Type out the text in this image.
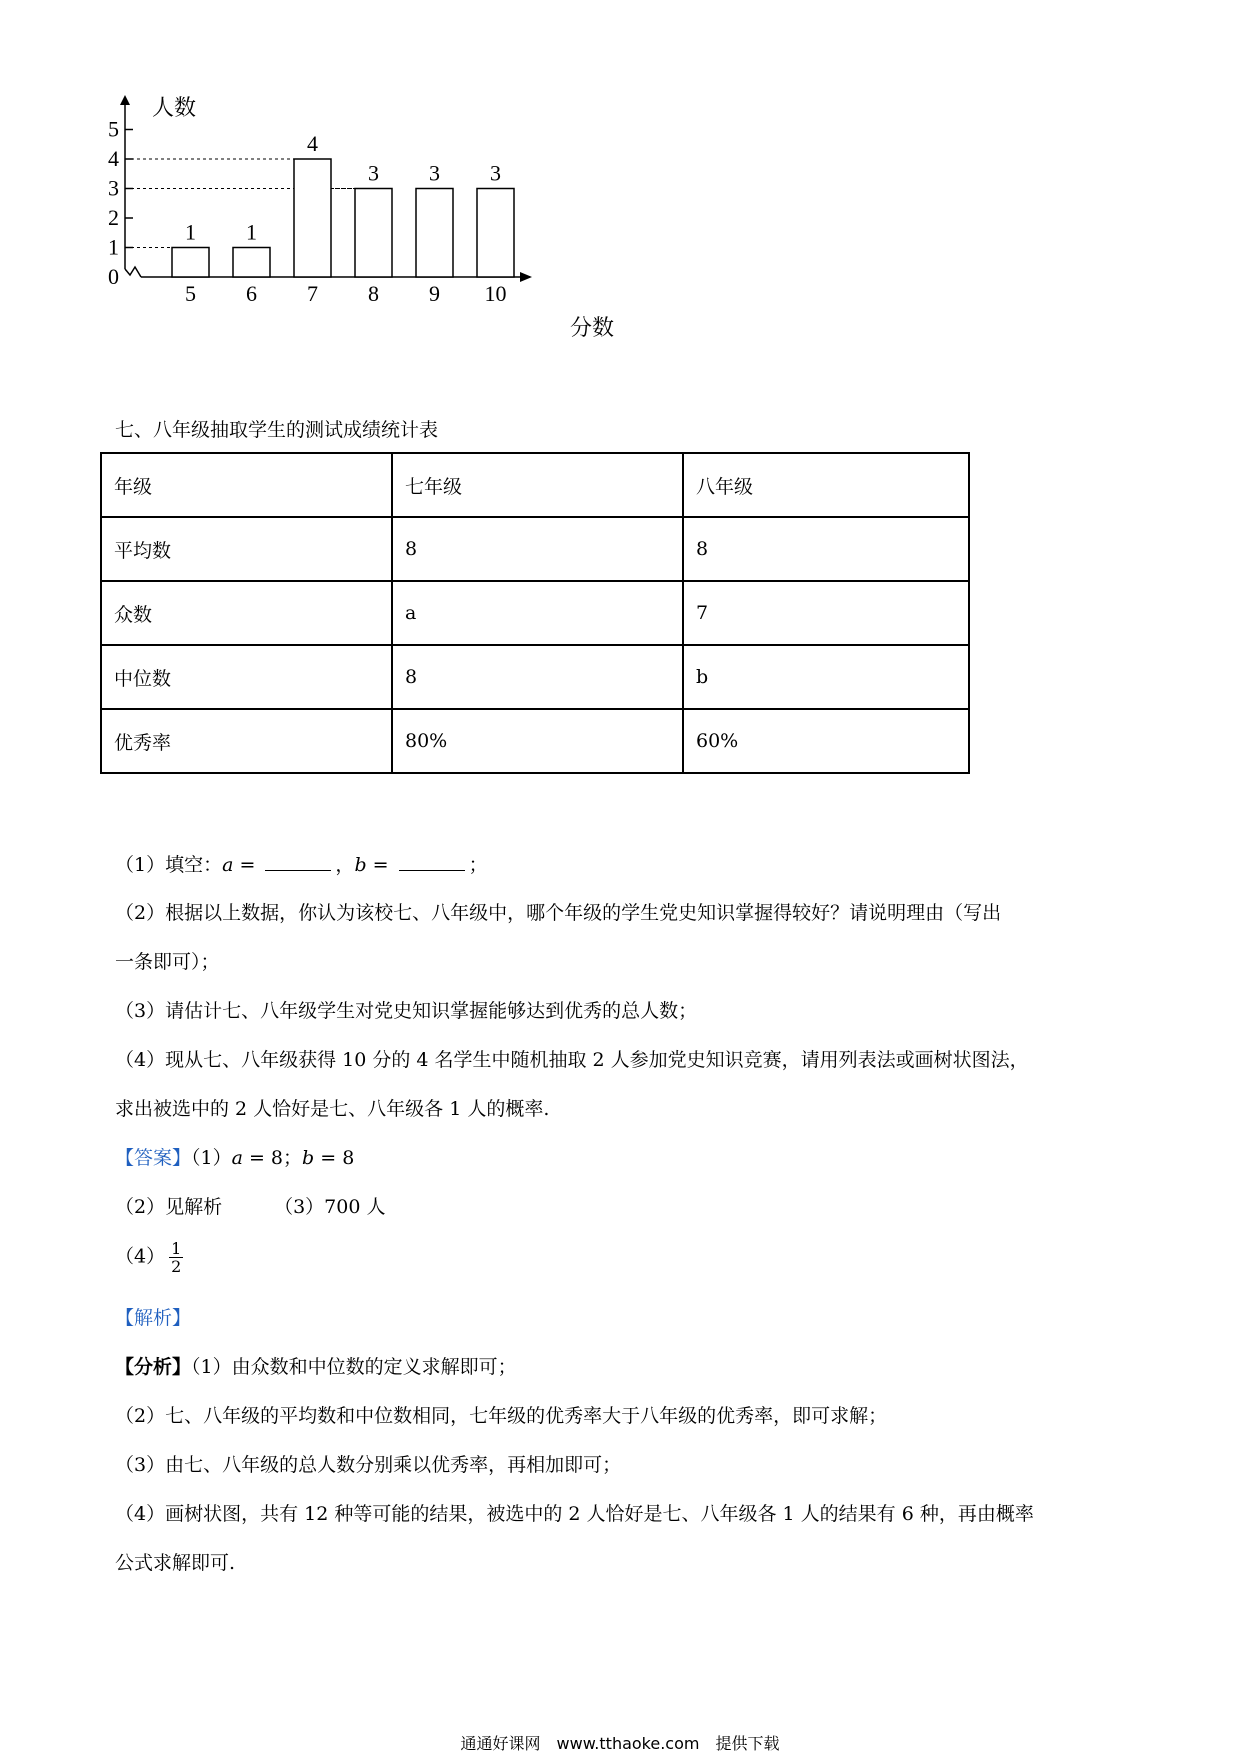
人数
分数
0
1
2
3
4
5
5 6 7 8 9 10
1 1
4
3 3 3
七、八年级抽取学生的测试成绩统计表
年级	七年级	八年级
平均数	8	8
众数	a	7
中位数	8	b
优秀率	80%	60%
（1）填空：a =	，b =	；
（2）根据以上数据，你认为该校七、八年级中，哪个年级的学生党史知识掌握得较好？请说明理由（写出
一条即可）；
（3）请估计七、八年级学生对党史知识掌握能够达到优秀的总人数；
（4）现从七、八年级获得 10 分的 4 名学生中随机抽取 2 人参加党史知识竞赛，请用列表法或画树状图法，
求出被选中的 2 人恰好是七、八年级各 1 人的概率.
【答案】（1）a = 8；b = 8
（2）见解析	（3）700 人
$(4) \frac{1}{2}$
【解析】
【分析】（1）由众数和中位数的定义求解即可；
（2）七、八年级的平均数和中位数相同，七年级的优秀率大于八年级的优秀率，即可求解；
（3）由七、八年级的总人数分别乘以优秀率，再相加即可；
（4）画树状图，共有 12 种等可能的结果，被选中的 2 人恰好是七、八年级各 1 人的结果有 6 种，再由概率
公式求解即可.
通通好课网　www.tthaoke.com　提供下载
